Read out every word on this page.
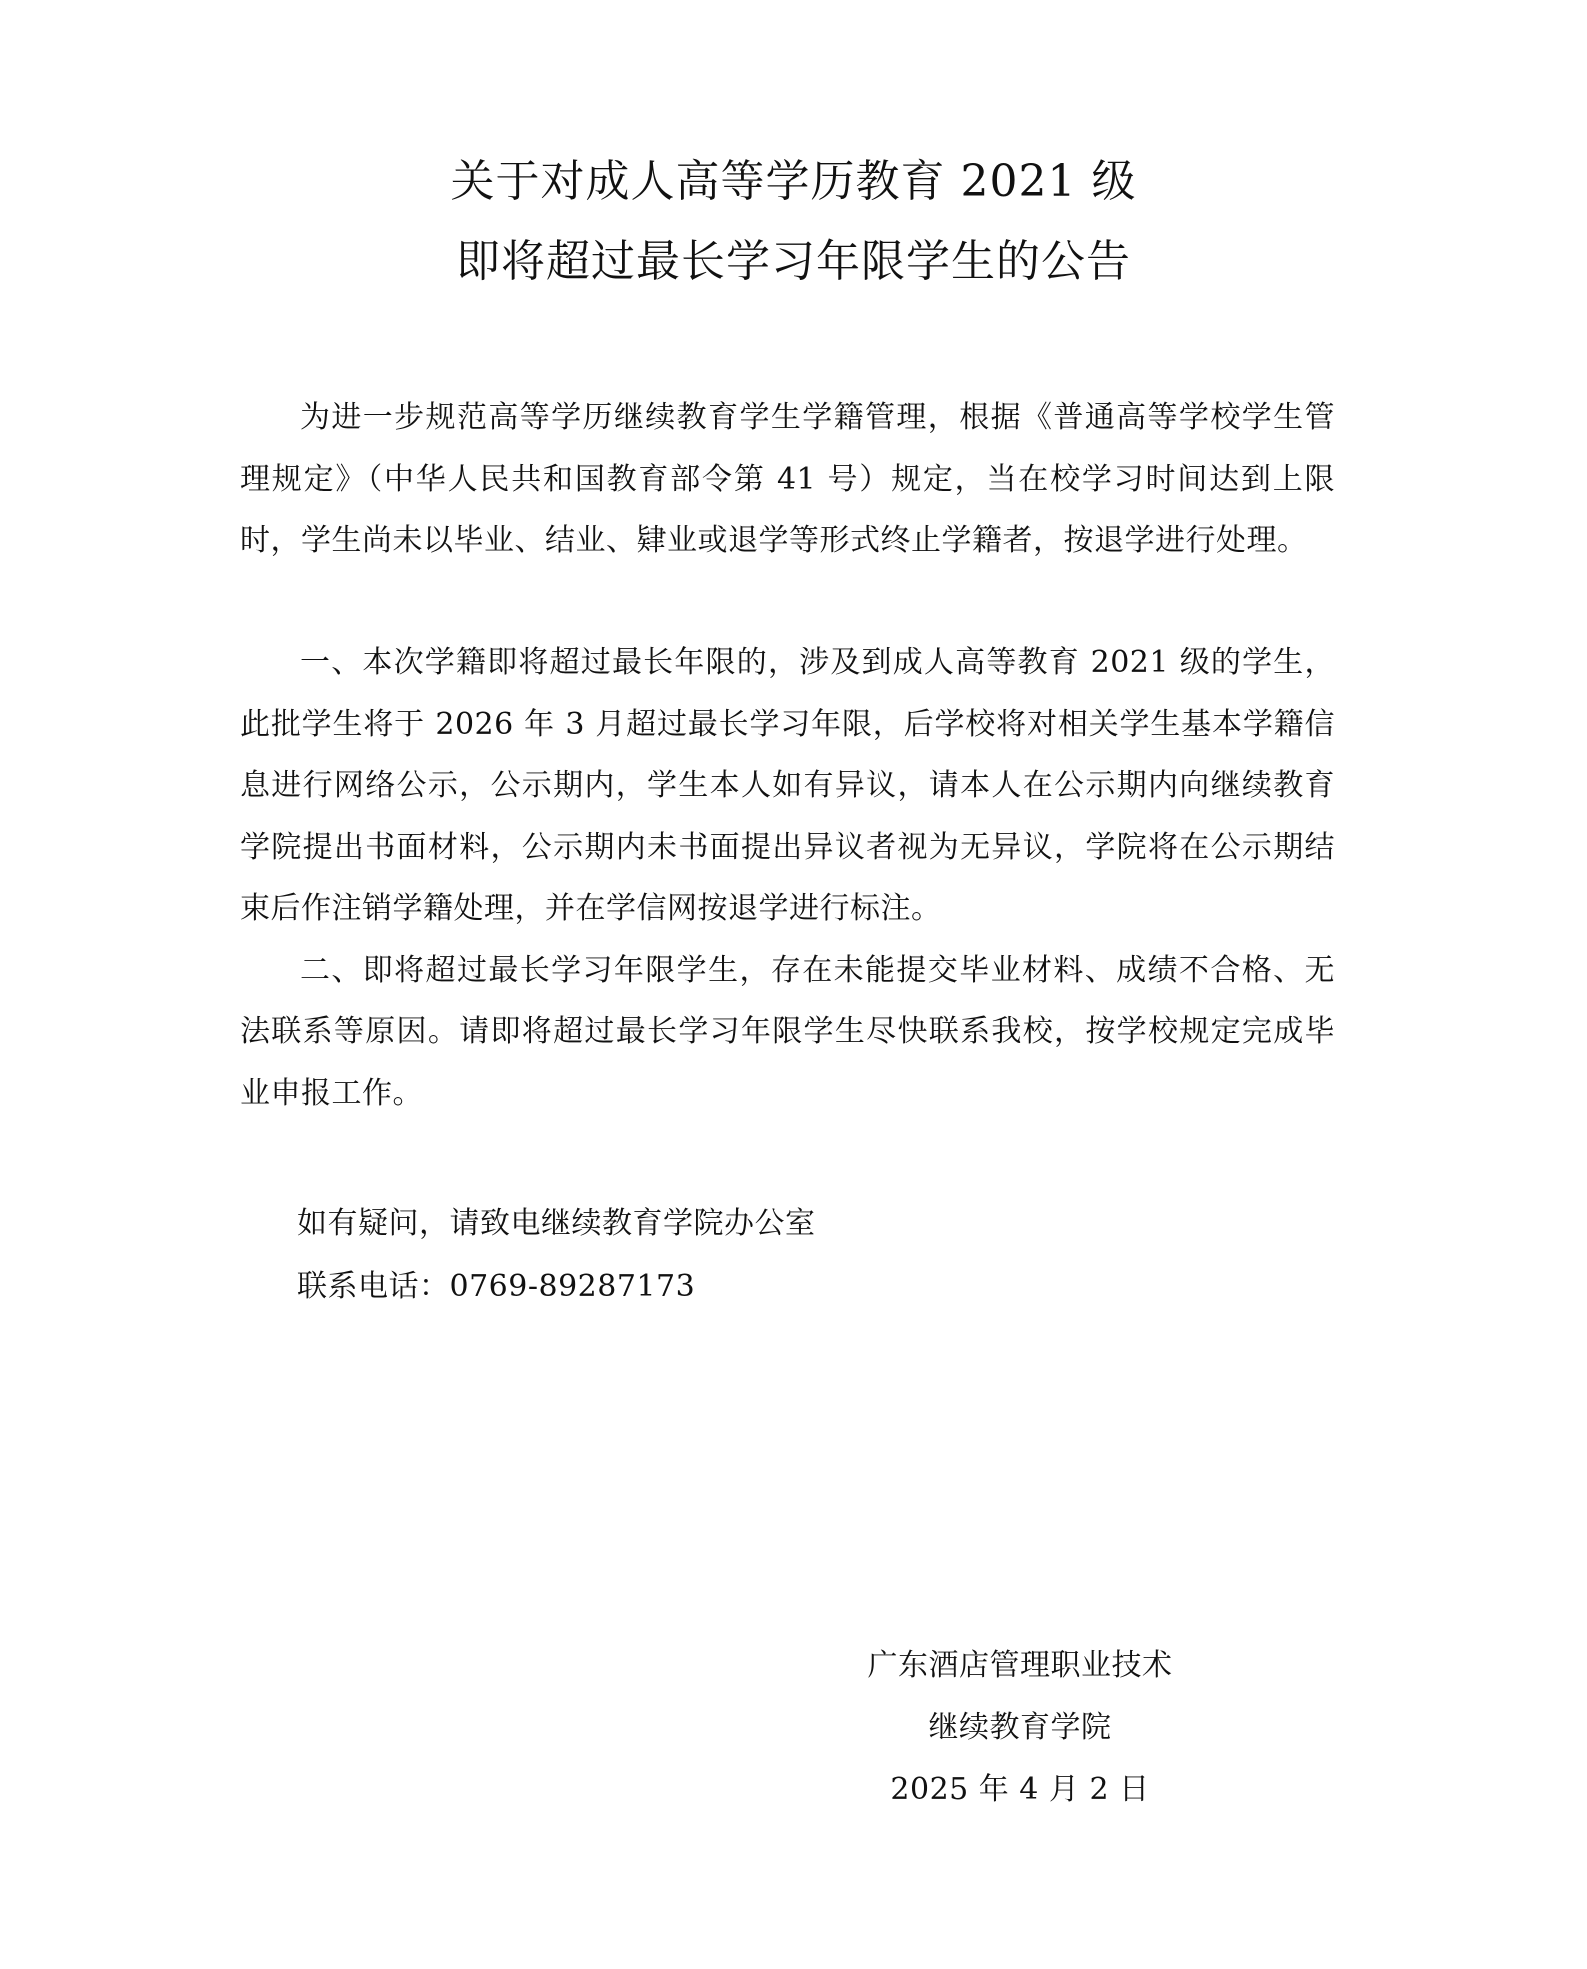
关于对成人高等学历教育 2021 级
即将超过最长学习年限学生的公告

为进一步规范高等学历继续教育学生学籍管理，根据《普通高等学校学生管理规定》（中华人民共和国教育部令第 41 号）规定，当在校学习时间达到上限时，学生尚未以毕业、结业、肄业或退学等形式终止学籍者，按退学进行处理。

一、本次学籍即将超过最长年限的，涉及到成人高等教育 2021 级的学生，此批学生将于 2026 年 3 月超过最长学习年限，后学校将对相关学生基本学籍信息进行网络公示，公示期内，学生本人如有异议，请本人在公示期内向继续教育学院提出书面材料，公示期内未书面提出异议者视为无异议，学院将在公示期结束后作注销学籍处理，并在学信网按退学进行标注。

二、即将超过最长学习年限学生，存在未能提交毕业材料、成绩不合格、无法联系等原因。请即将超过最长学习年限学生尽快联系我校，按学校规定完成毕业申报工作。

如有疑问，请致电继续教育学院办公室
联系电话：0769-89287173
广东酒店管理职业技术
继续教育学院
2025 年 4 月 2 日
